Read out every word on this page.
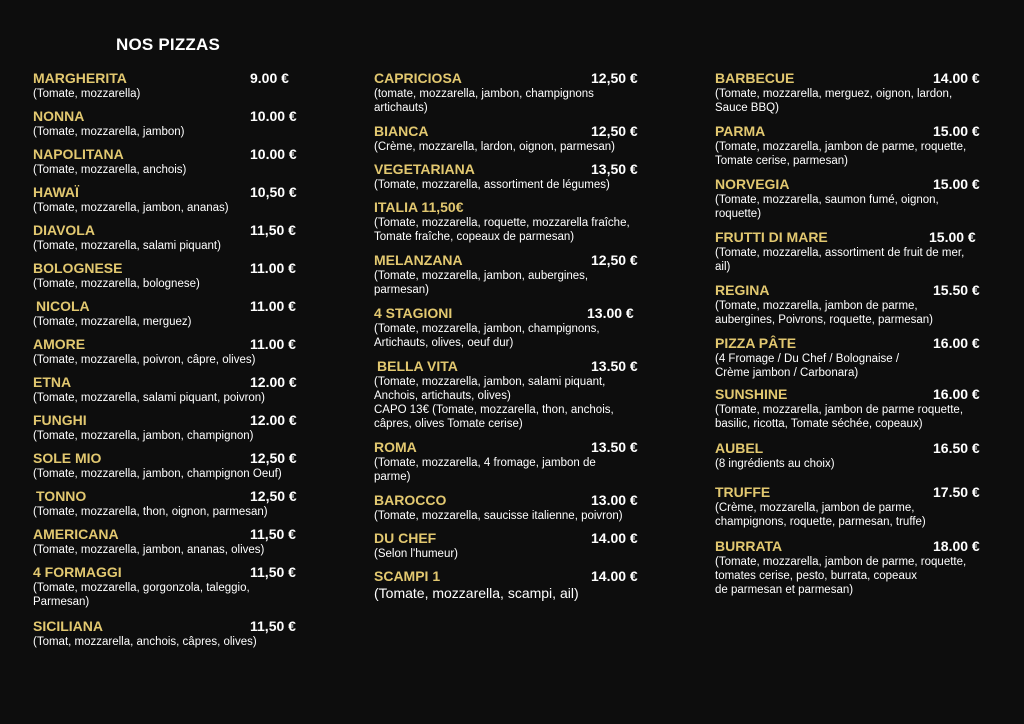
NOS PIZZAS
MARGHERITA	9.00 €
(Tomate, mozzarella)
NONNA	10.00 €
(Tomate, mozzarella, jambon)
NAPOLITANA	10.00 €
(Tomate, mozzarella, anchois)
HAWAÏ	10,50 €
(Tomate, mozzarella, jambon, ananas)
DIAVOLA	11,50 €
(Tomate, mozzarella, salami piquant)
BOLOGNESE	11.00 €
(Tomate, mozzarella, bolognese)
NICOLA	11.00 €
(Tomate, mozzarella, merguez)
AMORE	11.00 €
(Tomate, mozzarella, poivron, câpre, olives)
ETNA	12.00 €
(Tomate, mozzarella, salami piquant, poivron)
FUNGHI	12.00 €
(Tomate, mozzarella, jambon, champignon)
SOLE MIO	12,50 €
(Tomate, mozzarella, jambon, champignon Oeuf)
TONNO	12,50 €
(Tomate, mozzarella, thon, oignon, parmesan)
AMERICANA	11,50 €
(Tomate, mozzarella, jambon, ananas, olives)
4 FORMAGGI	11,50 €
(Tomate, mozzarella, gorgonzola, taleggio,
Parmesan)
SICILIANA	11,50 €
(Tomat, mozzarella, anchois, câpres, olives)
CAPRICIOSA	12,50 €
(tomate, mozzarella, jambon, champignons
artichauts)
BIANCA	12,50 €
(Crème, mozzarella, lardon, oignon, parmesan)
VEGETARIANA	13,50 €
(Tomate, mozzarella, assortiment de légumes)
ITALIA 11,50€
(Tomate, mozzarella, roquette, mozzarella fraîche,
Tomate fraîche, copeaux de parmesan)
MELANZANA	12,50 €
(Tomate, mozzarella, jambon, aubergines,
parmesan)
4 STAGIONI	13.00 €
(Tomate, mozzarella, jambon, champignons,
Artichauts, olives, oeuf dur)
BELLA VITA	13.50 €
(Tomate, mozzarella, jambon, salami piquant,
Anchois, artichauts, olives)
CAPO 13€ (Tomate, mozzarella, thon, anchois,
câpres, olives Tomate cerise)
ROMA	13.50 €
(Tomate, mozzarella, 4 fromage, jambon de
parme)
BAROCCO	13.00 €
(Tomate, mozzarella, saucisse italienne, poivron)
DU CHEF	14.00 €
(Selon l'humeur)
SCAMPI 1	14.00 €
(Tomate, mozzarella, scampi, ail)
BARBECUE	14.00 €
(Tomate, mozzarella, merguez, oignon, lardon,
Sauce BBQ)
PARMA	15.00 €
(Tomate, mozzarella, jambon de parme, roquette,
Tomate cerise, parmesan)
NORVEGIA	15.00 €
(Tomate, mozzarella, saumon fumé, oignon,
roquette)
FRUTTI DI MARE	15.00 €
(Tomate, mozzarella, assortiment de fruit de mer,
ail)
REGINA	15.50 €
(Tomate, mozzarella, jambon de parme,
aubergines, Poivrons, roquette, parmesan)
PIZZA PÂTE	16.00 €
(4 Fromage / Du Chef / Bolognaise /
Crème jambon / Carbonara)
SUNSHINE	16.00 €
(Tomate, mozzarella, jambon de parme roquette,
basilic, ricotta, Tomate séchée, copeaux)
AUBEL	16.50 €
(8 ingrédients au choix)
TRUFFE	17.50 €
(Crème, mozzarella, jambon de parme,
champignons, roquette, parmesan, truffe)
BURRATA	18.00 €
(Tomate, mozzarella, jambon de parme, roquette,
tomates cerise, pesto, burrata, copeaux
de parmesan et parmesan)
